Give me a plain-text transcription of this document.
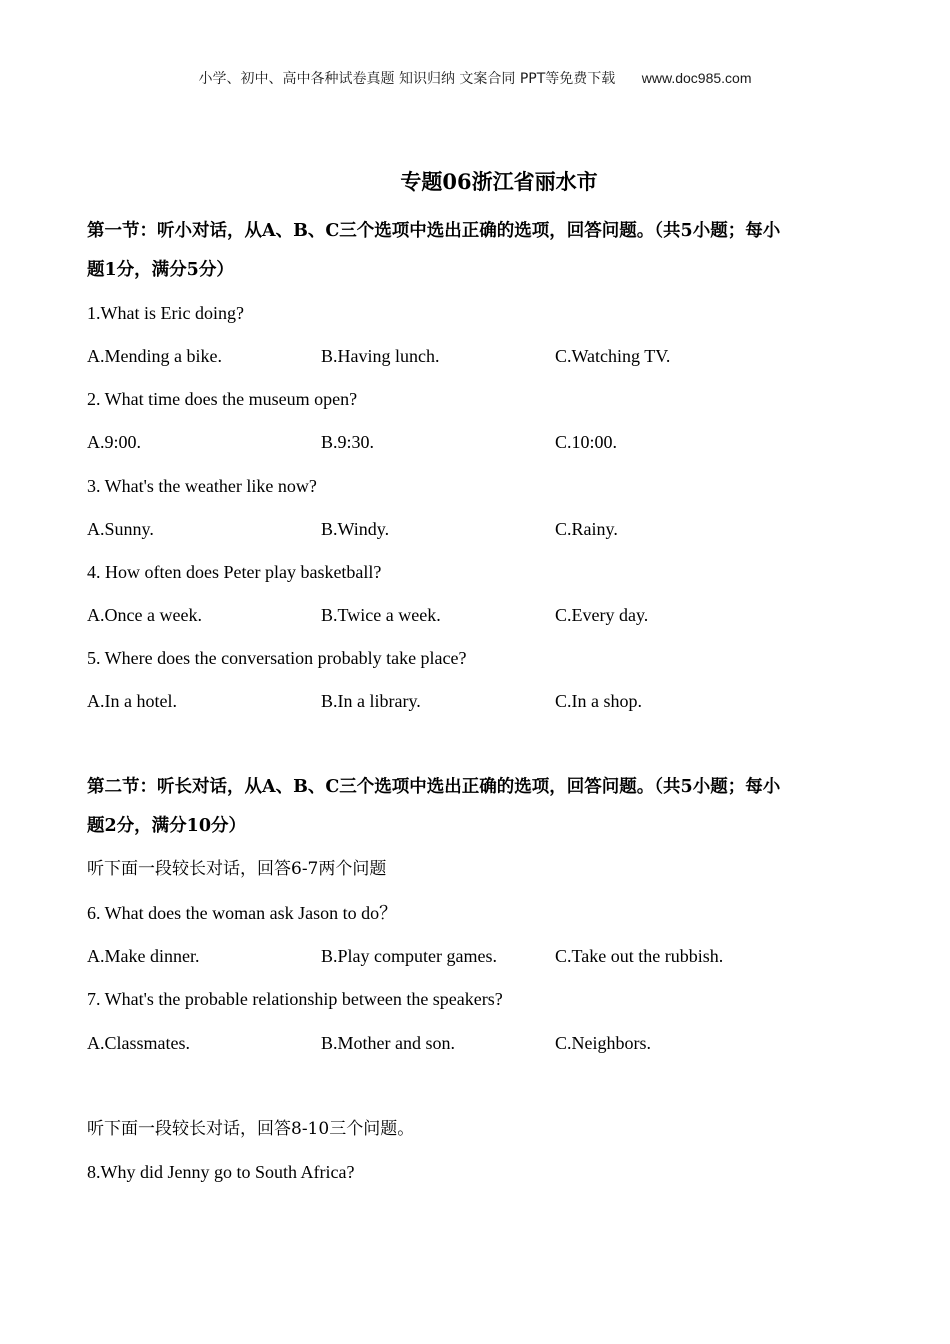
小学、初中、高中各种试卷真题 知识归纳 文案合同 PPT等免费下载 www.doc985.com
专题06浙江省丽水市
第一节：听小对话，从A、B、C三个选项中选出正确的选项，回答问题。（共5小题；每小
题1分，满分5分）
1.What is Eric doing?
A.Mending a bike.	B.Having lunch.	C.Watching TV.
2. What time does the museum open?
A.9:00.	B.9:30.	C.10:00.
3. What's the weather like now?
A.Sunny.	B.Windy.	C.Rainy.
4. How often does Peter play basketball?
A.Once a week.	B.Twice a week.	C.Every day.
5. Where does the conversation probably take place?
A.In a hotel.	B.In a library.	C.In a shop.
第二节：听长对话，从A、B、C三个选项中选出正确的选项，回答问题。（共5小题；每小
题2分，满分10分）
听下面一段较长对话，回答6-7两个问题
6. What does the woman ask Jason to do？
A.Make dinner.	B.Play computer games.	C.Take out the rubbish.
7. What's the probable relationship between the speakers?
A.Classmates.	B.Mother and son.	C.Neighbors.
听下面一段较长对话，回答8-10三个问题。
8.Why did Jenny go to South Africa?
